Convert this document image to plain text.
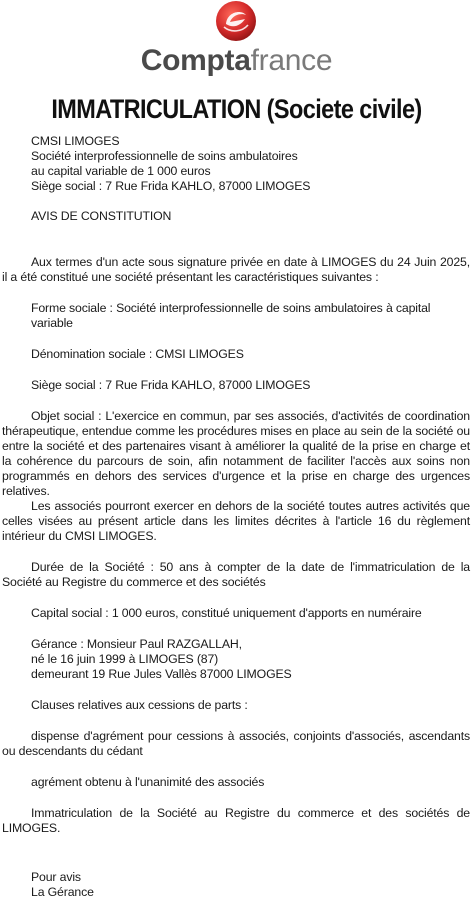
Comptafrance
IMMATRICULATION (Societe civile)

CMSI LIMOGES

Société interprofessionnelle de soins ambulatoires

au capital variable de 1 000 euros

Siège social : 7 Rue Frida KAHLO, 87000 LIMOGES

AVIS DE CONSTITUTION

Aux termes d'un acte sous signature privée en date à LIMOGES du 24 Juin 2025, il a été constitué une société présentant les caractéristiques suivantes :

Forme sociale : Société interprofessionnelle de soins ambulatoires à capital variable

Dénomination sociale : CMSI LIMOGES

Siège social : 7 Rue Frida KAHLO, 87000 LIMOGES

Objet social : L'exercice en commun, par ses associés, d'activités de coordination thérapeutique, entendue comme les procédures mises en place au sein de la société ou entre la société et des partenaires visant à améliorer la qualité de la prise en charge et la cohérence du parcours de soin, afin notamment de faciliter l'accès aux soins non programmés en dehors des services d'urgence et la prise en charge des urgences relatives.

Les associés pourront exercer en dehors de la société toutes autres activités que celles visées au présent article dans les limites décrites à l'article 16 du règlement intérieur du CMSI LIMOGES.

Durée de la Société : 50 ans à compter de la date de l'immatriculation de la Société au Registre du commerce et des sociétés

Capital social : 1 000 euros, constitué uniquement d'apports en numéraire

Gérance : Monsieur Paul RAZGALLAH,

né le 16 juin 1999 à LIMOGES (87)

demeurant 19 Rue Jules Vallès 87000 LIMOGES

Clauses relatives aux cessions de parts :

dispense d'agrément pour cessions à associés, conjoints d'associés, ascendants ou descendants du cédant

agrément obtenu à l'unanimité des associés

Immatriculation de la Société au Registre du commerce et des sociétés de LIMOGES.

Pour avis

La Gérance
